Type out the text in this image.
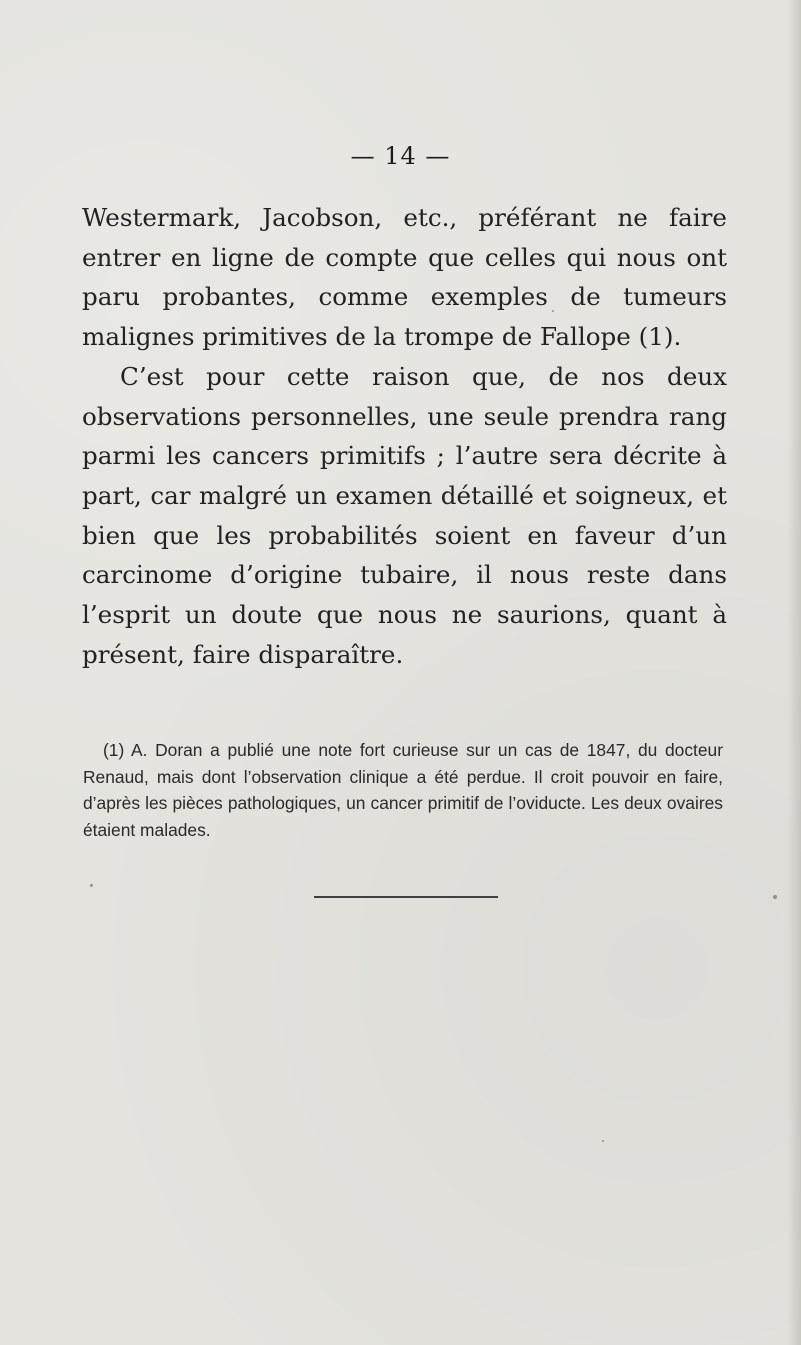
— 14 —

Westermark, Jacobson, etc., préférant ne faire entrer en ligne de compte que celles qui nous ont paru probantes, comme exemples de tumeurs malignes primitives de la trompe de Fallope (1).

C’est pour cette raison que, de nos deux observations personnelles, une seule prendra rang parmi les cancers primitifs ; l’autre sera décrite à part, car malgré un examen détaillé et soigneux, et bien que les probabilités soient en faveur d’un carcinome d’origine tubaire, il nous reste dans l’esprit un doute que nous ne saurions, quant à présent, faire disparaître.

(1) A. Doran a publié une note fort curieuse sur un cas de 1847, du docteur Renaud, mais dont l’observation clinique a été perdue. Il croit pouvoir en faire, d’après les pièces pathologiques, un cancer primitif de l’oviducte. Les deux ovaires étaient malades.
